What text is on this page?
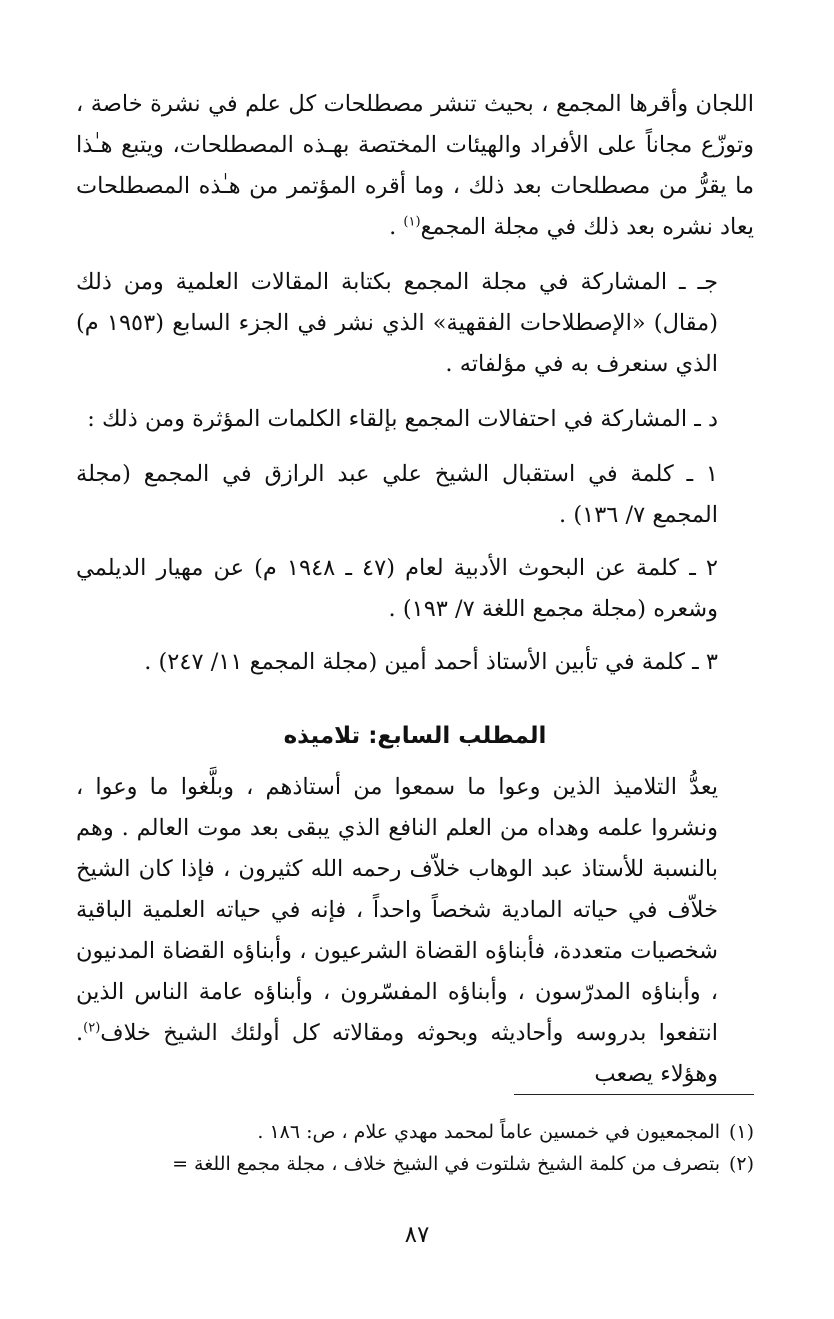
اللجان وأقرها المجمع ، بحيث تنشر مصطلحات كل علم في نشرة خاصة ، وتوزّع مجاناً على الأفراد والهيئات المختصة بهـذه المصطلحات، ويتبع هـٰذا ما يقرُّ من مصطلحات بعد ذلك ، وما أقره المؤتمر من هـٰذه المصطلحات يعاد نشره بعد ذلك في مجلة المجمع$^{(١)}$ .

جـ ـ المشاركة في مجلة المجمع بكتابة المقالات العلمية ومن ذلك (مقال) «الإصطلاحات الفقهية» الذي نشر في الجزء السابع (١٩٥٣ م) الذي سنعرف به في مؤلفاته .

د ـ المشاركة في احتفالات المجمع بإلقاء الكلمات المؤثرة ومن ذلك :

١ ـ كلمة في استقبال الشيخ علي عبد الرازق في المجمع (مجلة المجمع ٧/ ١٣٦) .

٢ ـ كلمة عن البحوث الأدبية لعام (٤٧ ـ ١٩٤٨ م) عن مهيار الديلمي وشعره (مجلة مجمع اللغة ٧/ ١٩٣) .

٣ ـ كلمة في تأبين الأستاذ أحمد أمين (مجلة المجمع ١١/ ٢٤٧) .

المطلب السابع: تلاميذه

يعدُّ التلاميذ الذين وعوا ما سمعوا من أستاذهم ، وبلَّغوا ما وعوا ، ونشروا علمه وهداه من العلم النافع الذي يبقى بعد موت العالم . وهم بالنسبة للأستاذ عبد الوهاب خلاّف رحمه الله كثيرون ، فإذا كان الشيخ خلاّف في حياته المادية شخصاً واحداً ، فإنه في حياته العلمية الباقية شخصيات متعددة، فأبناؤه القضاة الشرعيون ، وأبناؤه القضاة المدنيون ، وأبناؤه المدرّسون ، وأبناؤه المفسّرون ، وأبناؤه عامة الناس الذين انتفعوا بدروسه وأحاديثه وبحوثه ومقالاته كل أولئك الشيخ خلاف$^{(٢)}$. وهؤلاء يصعب

(١)المجمعيون في خمسين عاماً لمحمد مهدي علام ، ص: ١٨٦ .
(٢)بتصرف من كلمة الشيخ شلتوت في الشيخ خلاف ، مجلة مجمع اللغة =
٨٧
